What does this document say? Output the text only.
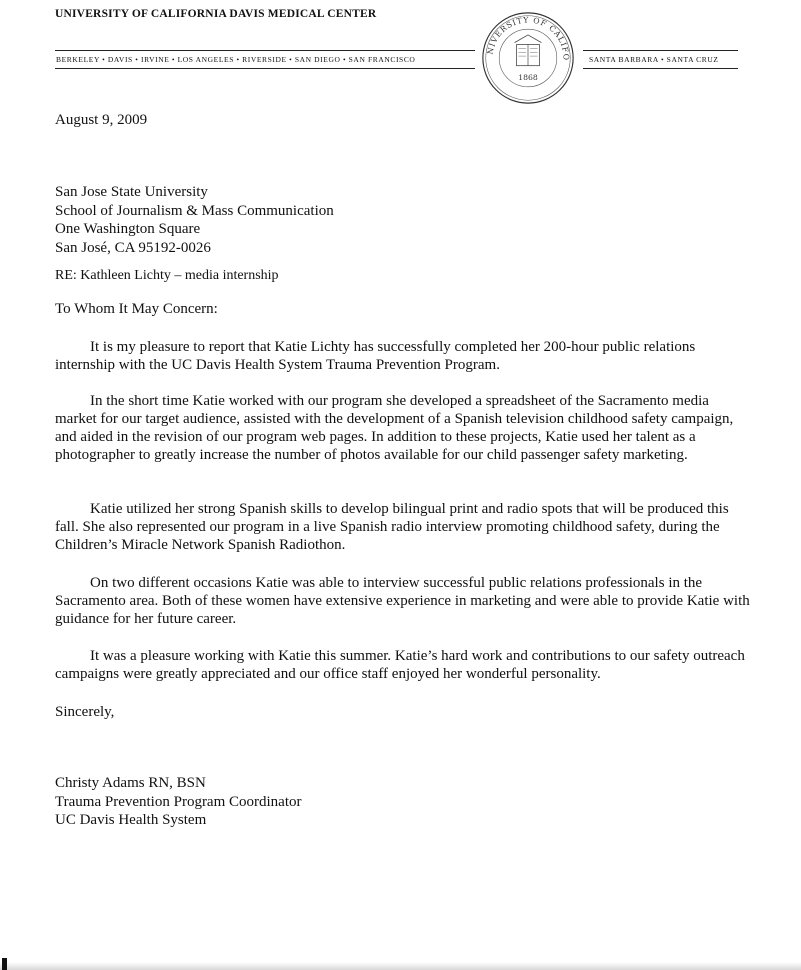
UNIVERSITY OF CALIFORNIA DAVIS MEDICAL CENTER
BERKELEY • DAVIS • IRVINE • LOS ANGELES • RIVERSIDE • SAN DIEGO • SAN FRANCISCO	SANTA BARBARA • SANTA CRUZ
NIVERSITY OF CALIFO
1868
August 9, 2009
San Jose State University
School of Journalism & Mass Communication
One Washington Square
San José, CA 95192-0026
RE: Kathleen Lichty – media internship
To Whom It May Concern:

It is my pleasure to report that Katie Lichty has successfully completed her 200-hour public relations internship with the UC Davis Health System Trauma Prevention Program.

In the short time Katie worked with our program she developed a spreadsheet of the Sacramento media market for our target audience, assisted with the development of a Spanish television childhood safety campaign, and aided in the revision of our program web pages. In addition to these projects, Katie used her talent as a photographer to greatly increase the number of photos available for our child passenger safety marketing.

Katie utilized her strong Spanish skills to develop bilingual print and radio spots that will be produced this fall. She also represented our program in a live Spanish radio interview promoting childhood safety, during the Children’s Miracle Network Spanish Radiothon.

On two different occasions Katie was able to interview successful public relations professionals in the Sacramento area. Both of these women have extensive experience in marketing and were able to provide Katie with guidance for her future career.

It was a pleasure working with Katie this summer. Katie’s hard work and contributions to our safety outreach campaigns were greatly appreciated and our office staff enjoyed her wonderful personality.

Sincerely,
Christy Adams RN, BSN
Trauma Prevention Program Coordinator
UC Davis Health System
